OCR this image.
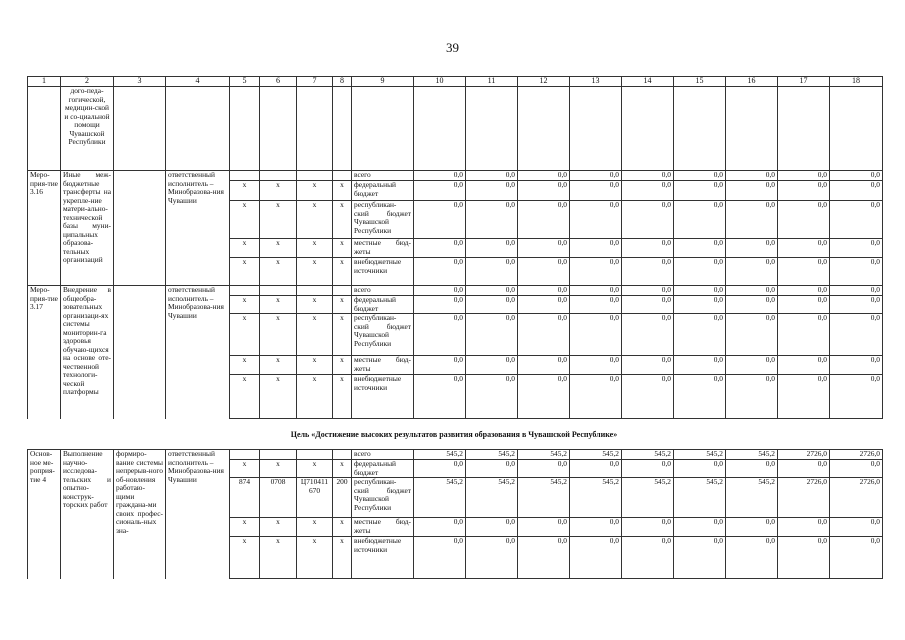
39
1	2	3	4	5	6	7	8	9	10	11	12	13	14	15	16	17	18
	дого-педа-гогической, медицин-ской и со-циальной помощи Чувашской Республики																
Меро-прия-тие 3.16	Иные меж-бюджетные трансферты на укрепле-ние матери-ально-технической базы муни-ципальных образова-тельных организаций		ответственный исполнитель – Минобразова-ния Чувашии					всего	0,0	0,0	0,0	0,0	0,0	0,0	0,0	0,0	0,0
				x	x	x	x	федеральный бюджет	0,0	0,0	0,0	0,0	0,0	0,0	0,0	0,0	0,0
				x	x	x	x	республикан-ский бюджет Чувашской Республики	0,0	0,0	0,0	0,0	0,0	0,0	0,0	0,0	0,0
				x	x	x	x	местные бюд-жеты	0,0	0,0	0,0	0,0	0,0	0,0	0,0	0,0	0,0
				x	x	x	x	внебюджетные источники	0,0	0,0	0,0	0,0	0,0	0,0	0,0	0,0	0,0
Меро-прия-тие 3.17	Внедрение в общеобра-зовательных организаци-ях системы мониторин-га здоровья обучаю-щихся на основе оте-чественной технологи-ческой платформы		ответственный исполнитель – Минобразова-ния Чувашии					всего	0,0	0,0	0,0	0,0	0,0	0,0	0,0	0,0	0,0
				x	x	x	x	федеральный бюджет	0,0	0,0	0,0	0,0	0,0	0,0	0,0	0,0	0,0
				x	x	x	x	республикан-ский бюджет Чувашской Республики	0,0	0,0	0,0	0,0	0,0	0,0	0,0	0,0	0,0
				x	x	x	x	местные бюд-жеты	0,0	0,0	0,0	0,0	0,0	0,0	0,0	0,0	0,0
				x	x	x	x	внебюджетные источники	0,0	0,0	0,0	0,0	0,0	0,0	0,0	0,0	0,0
Цель «Достижение высоких результатов развития образования в Чувашской Республике»
Основ-ное ме-роприя-тие 4	Выполнение научно-исследова-тельских и опытно-конструк-торских работ	формиро-вание системы непрерыв-ного об-новления работаю-щими граждана-ми своих профес-сиональ-ных зна-	ответственный исполнитель – Минобразова-ния Чувашии					всего	545,2	545,2	545,2	545,2	545,2	545,2	545,2	2726,0	2726,0
				x	x	x	x	федеральный бюджет	0,0	0,0	0,0	0,0	0,0	0,0	0,0	0,0	0,0
				874	0708	Ц710411 670	200	республикан-ский бюджет Чувашской Республики	545,2	545,2	545,2	545,2	545,2	545,2	545,2	2726,0	2726,0
				x	x	x	x	местные бюд-жеты	0,0	0,0	0,0	0,0	0,0	0,0	0,0	0,0	0,0
				x	x	x	x	внебюджетные источники	0,0	0,0	0,0	0,0	0,0	0,0	0,0	0,0	0,0
